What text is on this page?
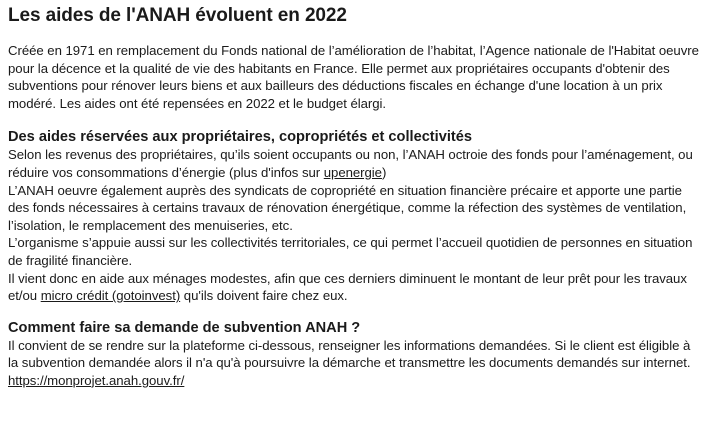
Les aides de l'ANAH évoluent en 2022

Créée en 1971 en remplacement du Fonds national de l’amélioration de l’habitat, l’Agence nationale de l'Habitat oeuvre pour la décence et la qualité de vie des habitants en France. Elle permet aux propriétaires occupants d'obtenir des subventions pour rénover leurs biens et aux bailleurs des déductions fiscales en échange d'une location à un prix modéré. Les aides ont été repensées en 2022 et le budget élargi.

Des aides réservées aux propriétaires, copropriétés et collectivités

Selon les revenus des propriétaires, qu’ils soient occupants ou non, l’ANAH octroie des fonds pour l’aménagement, ou réduire vos consommations d’énergie (plus d'infos sur upenergie)

L’ANAH oeuvre également auprès des syndicats de copropriété en situation financière précaire et apporte une partie des fonds nécessaires à certains travaux de rénovation énergétique, comme la réfection des systèmes de ventilation, l’isolation, le remplacement des menuiseries, etc.

L’organisme s’appuie aussi sur les collectivités territoriales, ce qui permet l’accueil quotidien de personnes en situation de fragilité financière.

Il vient donc en aide aux ménages modestes, afin que ces derniers diminuent le montant de leur prêt pour les travaux et/ou micro crédit (gotoinvest) qu'ils doivent faire chez eux.

Comment faire sa demande de subvention ANAH ?

Il convient de se rendre sur la plateforme ci-dessous, renseigner les informations demandées. Si le client est éligible à la subvention demandée alors il n'a qu'à poursuivre la démarche et transmettre les documents demandés sur internet.

https://monprojet.anah.gouv.fr/
